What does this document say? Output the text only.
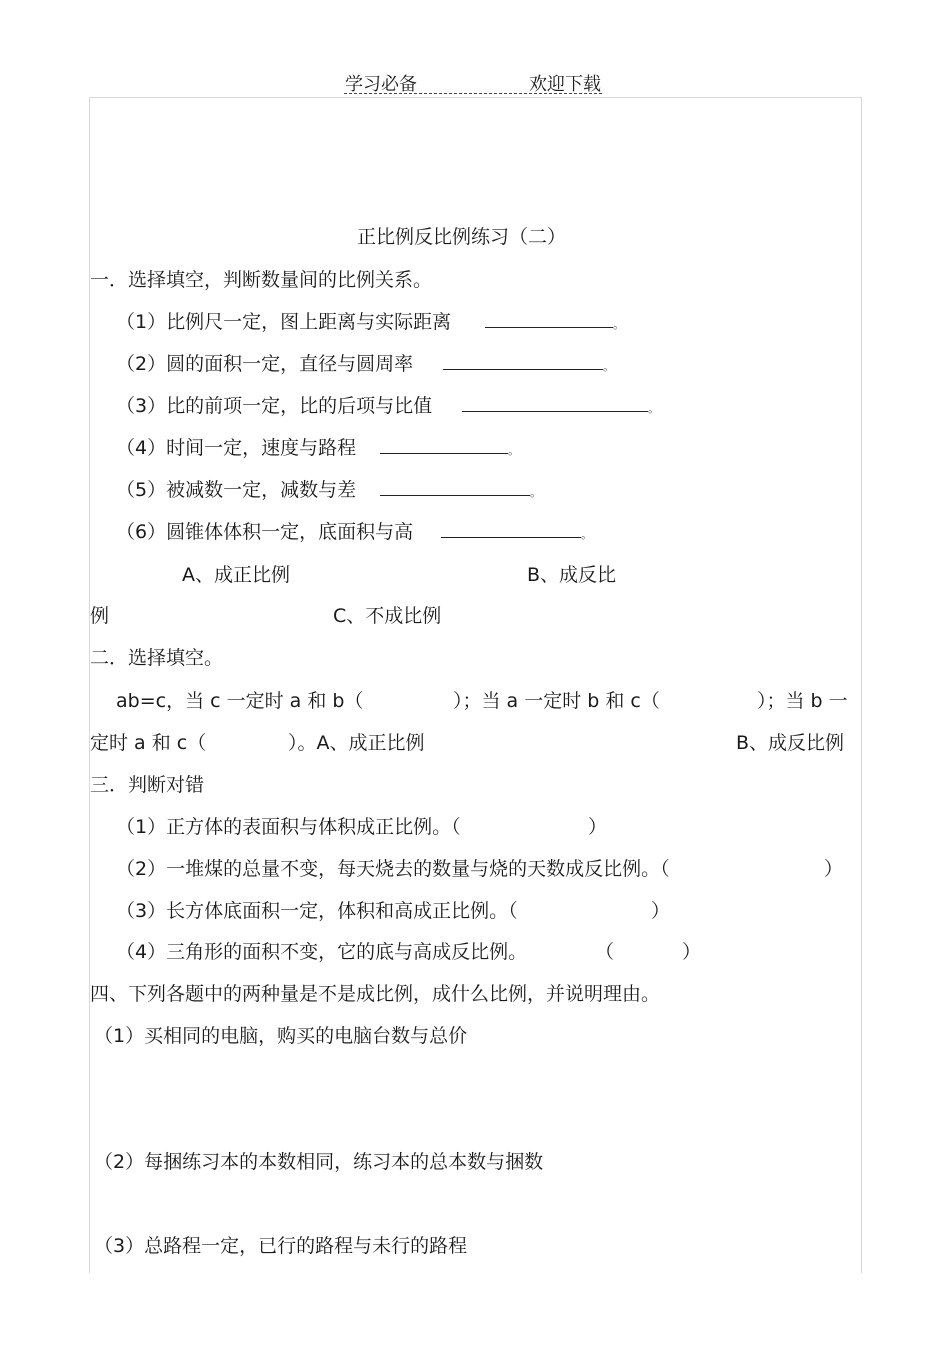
学习必备	欢迎下载
正比例反比例练习（二）
一．选择填空，判断数量间的比例关系。
（1）比例尺一定，图上距离与实际距离	。
（2）圆的面积一定，直径与圆周率	。
（3）比的前项一定，比的后项与比值	。
（4）时间一定，速度与路程	。
（5）被减数一定，减数与差	。
（6）圆锥体体积一定，底面积与高	。
A、成正比例	B、成反比
例	C、不成比例
二．选择填空。
ab=c，当 c 一定时 a 和 b（	）；当 a 一定时 b 和 c（	）；当 b 一
定时 a 和 c（	）。A、成正比例	B、成反比例
三．判断对错
（1）正方体的表面积与体积成正比例。（	）
（2）一堆煤的总量不变，每天烧去的数量与烧的天数成反比例。（	）
（3）长方体底面积一定，体积和高成正比例。（	）
（4）三角形的面积不变，它的底与高成反比例。	（	）
四、下列各题中的两种量是不是成比例，成什么比例，并说明理由。
（1）买相同的电脑，购买的电脑台数与总价
（2）每捆练习本的本数相同，练习本的总本数与捆数
（3）总路程一定，已行的路程与未行的路程
